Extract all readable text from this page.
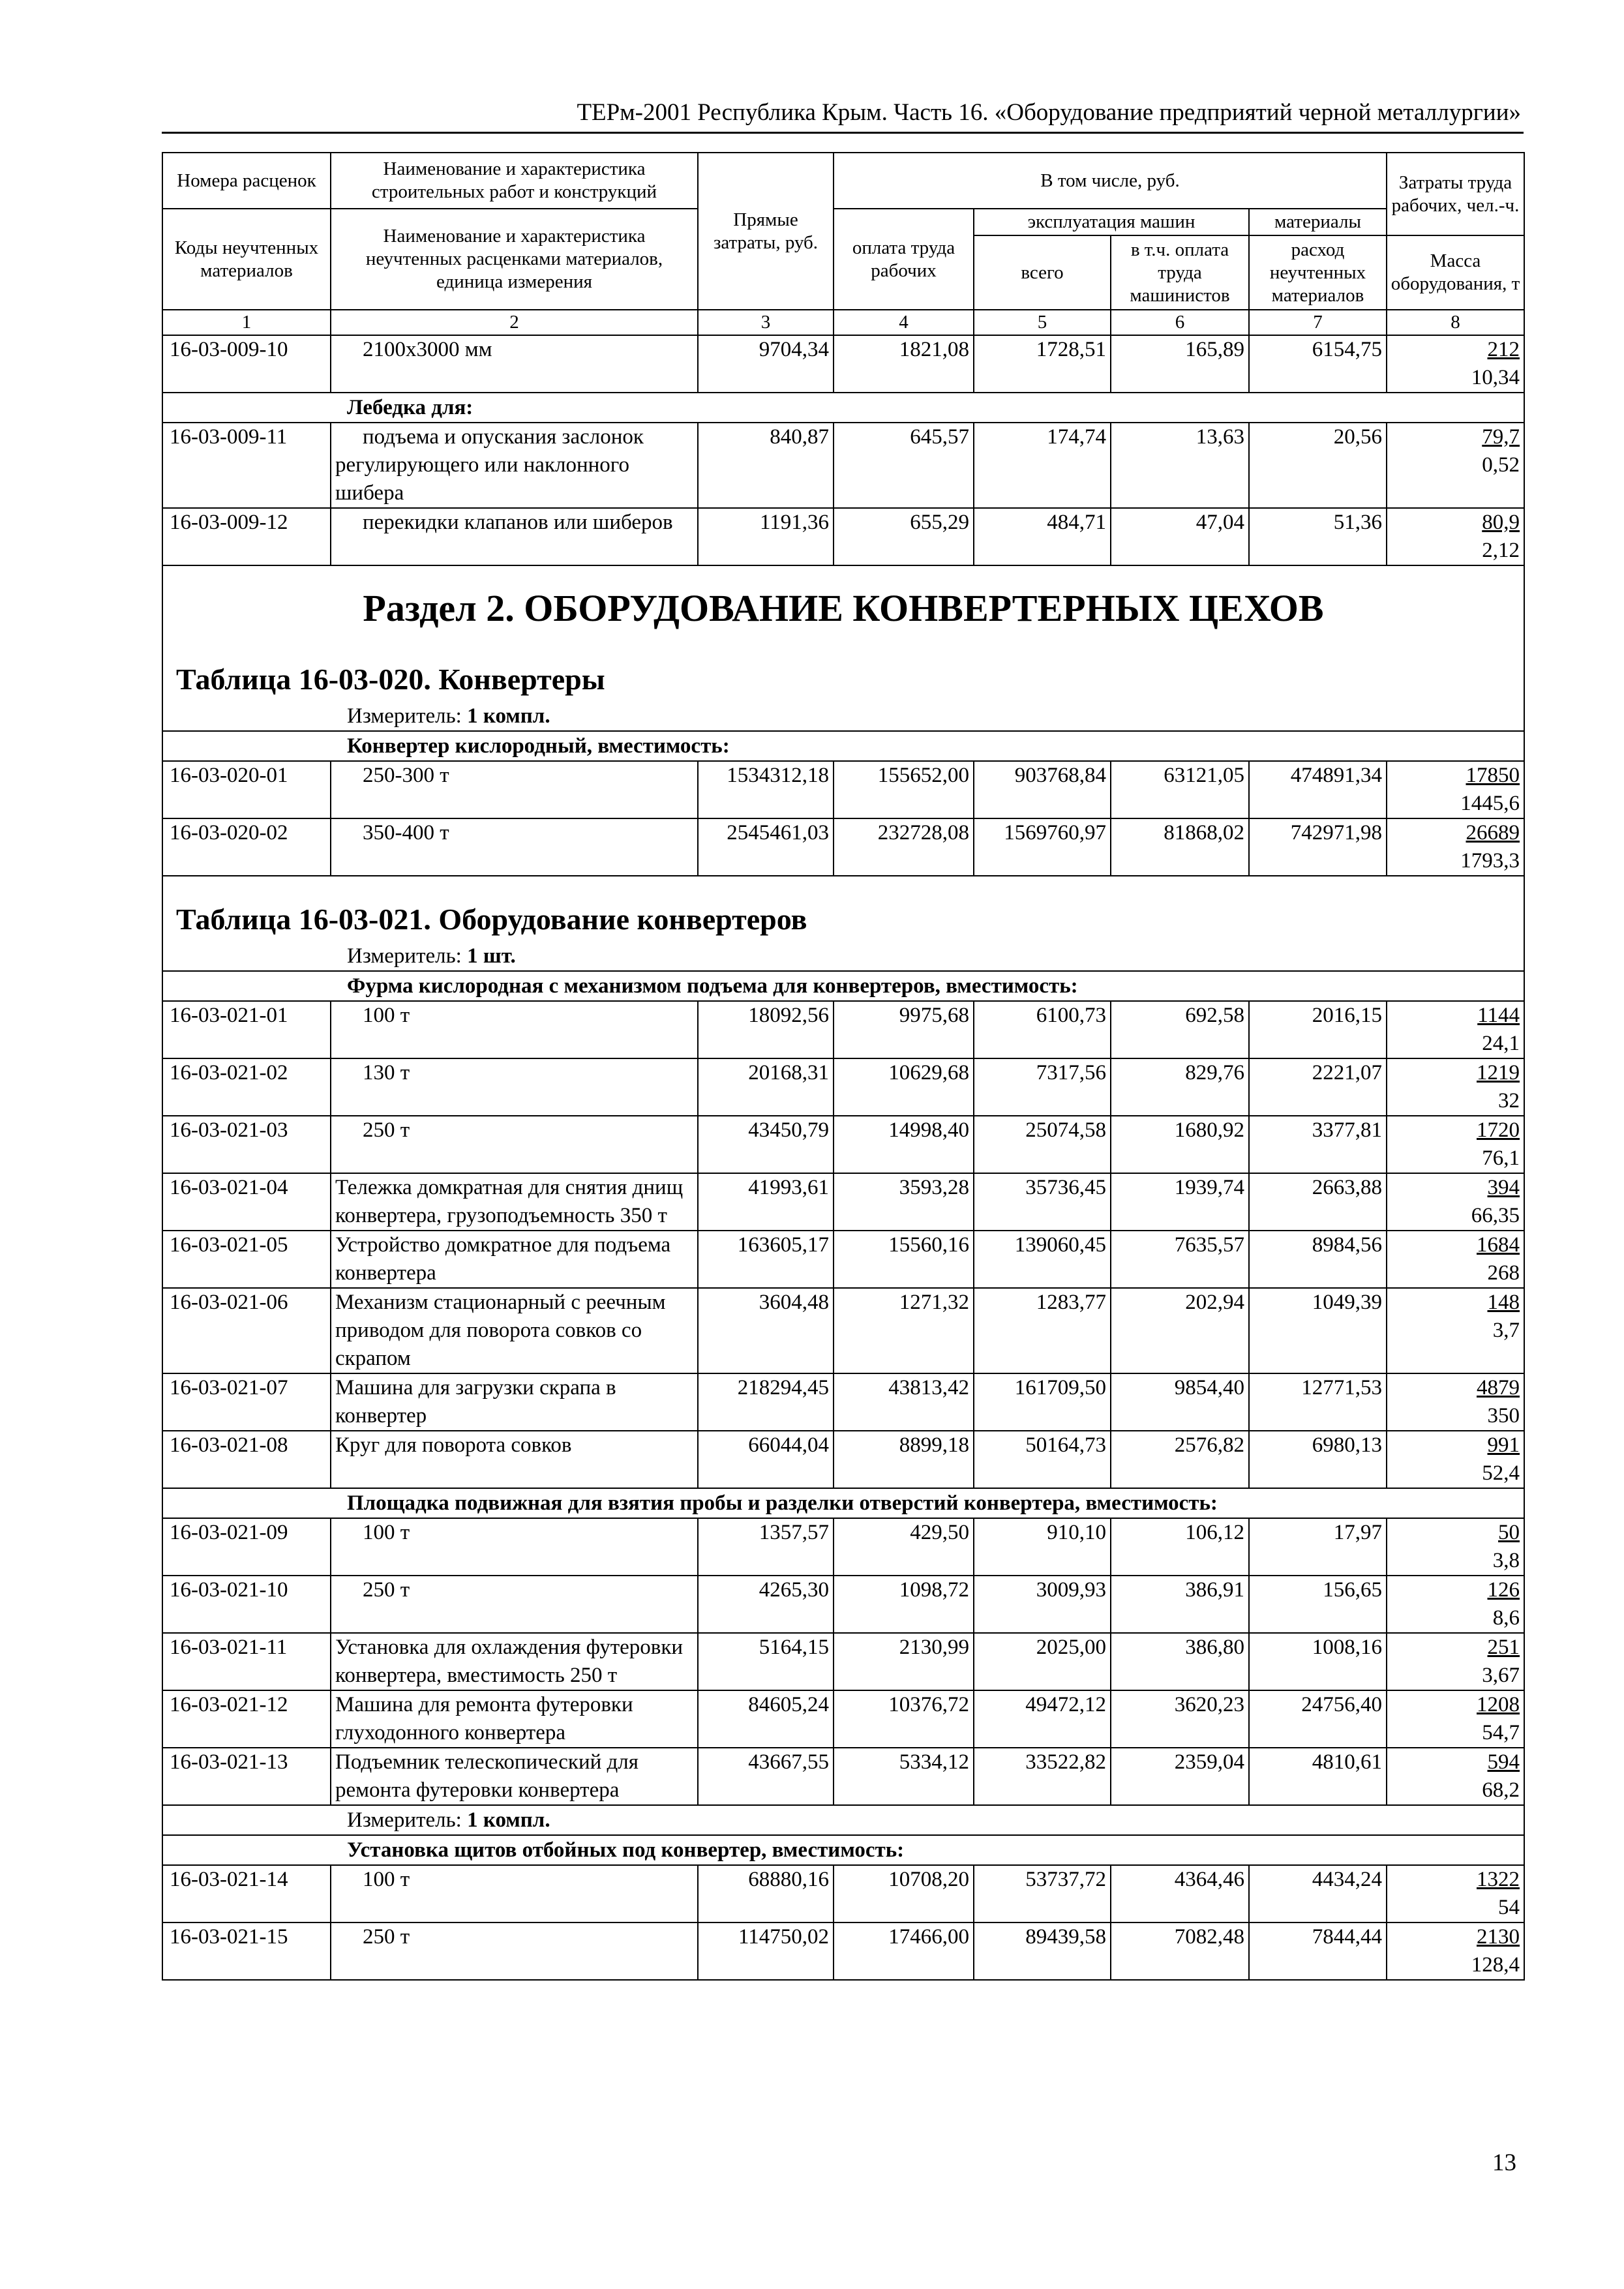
ТЕРм-2001 Республика Крым. Часть 16. «Оборудование предприятий черной металлургии»
Номера расценок	Наименование и характеристика строительных работ и конструкций	Прямые затраты, руб.	В том числе, руб.				Затраты труда рабочих, чел.-ч.
Коды неучтенных материалов	Наименование и характеристика неучтенных расценками материалов, единица измерения		оплата труда рабочих	эксплуатация машин		материалы	
				всего	в т.ч. оплата труда машинистов	расход неучтенных материалов	Масса оборудования, т
1	2	3	4	5	6	7	8
16-03-009-10	2100х3000 мм	9704,34	1821,08	1728,51	165,89	6154,75	212
10,34

Лебедка для:							
16-03-009-11	подъема и опускания заслонок регулирующего или наклонного шибера	840,87	645,57	174,74	13,63	20,56	79,7
0,52

16-03-009-12	перекидки клапанов или шиберов	1191,36	655,29	484,71	47,04	51,36	80,9
2,12

Раздел 2. ОБОРУДОВАНИЕ КОНВЕРТЕРНЫХ ЦЕХОВ
Таблица 16-03-020. Конвертеры							

Измеритель: 1 компл.							
Конвертер кислородный, вместимость:							
16-03-020-01	250-300 т	1534312,18	155652,00	903768,84	63121,05	474891,34	17850
1445,6

16-03-020-02	350-400 т	2545461,03	232728,08	1569760,97	81868,02	742971,98	26689
1793,3

Таблица 16-03-021. Оборудование конвертеров							

Измеритель: 1 шт.							
Фурма кислородная с механизмом подъема для конвертеров, вместимость:							
16-03-021-01	100 т	18092,56	9975,68	6100,73	692,58	2016,15	1144
24,1

16-03-021-02	130 т	20168,31	10629,68	7317,56	829,76	2221,07	1219
32

16-03-021-03	250 т	43450,79	14998,40	25074,58	1680,92	3377,81	1720
76,1

16-03-021-04	Тележка домкратная для снятия днищ конвертера, грузоподъемность 350 т	41993,61	3593,28	35736,45	1939,74	2663,88	394
66,35

16-03-021-05	Устройство домкратное для подъема конвертера	163605,17	15560,16	139060,45	7635,57	8984,56	1684
268

16-03-021-06	Механизм стационарный с реечным приводом для поворота совков со скрапом	3604,48	1271,32	1283,77	202,94	1049,39	148
3,7

16-03-021-07	Машина для загрузки скрапа в конвертер	218294,45	43813,42	161709,50	9854,40	12771,53	4879
350

16-03-021-08	Круг для поворота совков	66044,04	8899,18	50164,73	2576,82	6980,13	991
52,4

Площадка подвижная для взятия пробы и разделки отверстий конвертера, вместимость:							
16-03-021-09	100 т	1357,57	429,50	910,10	106,12	17,97	50
3,8

16-03-021-10	250 т	4265,30	1098,72	3009,93	386,91	156,65	126
8,6

16-03-021-11	Установка для охлаждения футеровки конвертера, вместимость 250 т	5164,15	2130,99	2025,00	386,80	1008,16	251
3,67

16-03-021-12	Машина для ремонта футеровки глуходонного конвертера	84605,24	10376,72	49472,12	3620,23	24756,40	1208
54,7

16-03-021-13	Подъемник телескопический для ремонта футеровки конвертера	43667,55	5334,12	33522,82	2359,04	4810,61	594
68,2

Измеритель: 1 компл.							
Установка щитов отбойных под конвертер, вместимость:							
16-03-021-14	100 т	68880,16	10708,20	53737,72	4364,46	4434,24	1322
54

16-03-021-15	250 т	114750,02	17466,00	89439,58	7082,48	7844,44	2130
128,4
13
